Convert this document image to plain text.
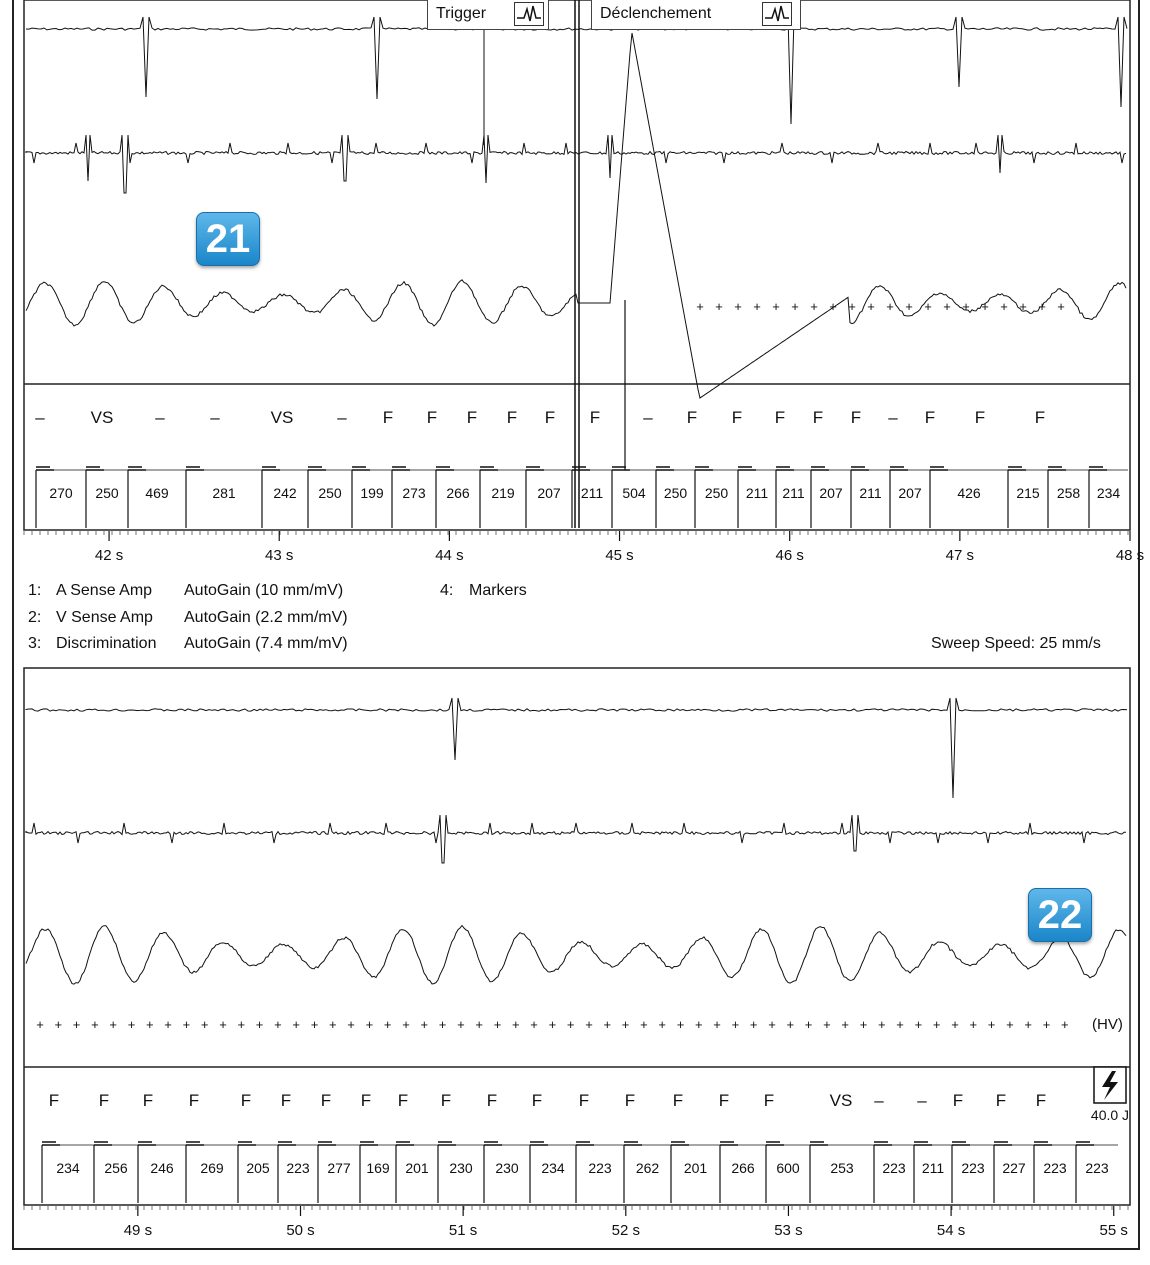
+ + + + + + + + + + + + + + + + + + + +
–	VS –	–	VS	– F F F F F F	– F F F F F – F F	F
270 250 469	281	242 250 199 273 266 219 207 211 504 250 250 211 211 207 211 207	426	215 258 234
42 s	43 s	44 s	45 s	46 s	47 s	48 s
+ + + + + + + + + + + + + + + + + + + + + + + + + + + + + + + + + + + + + + + + + + + + + + + + + + + + + + + + + (HV)
F F F F F F F F F F F F F F F F F	VS – – F F F
234 256 246 269 205 223 277 169 201 230 230 234 223 262 201 266 600 253 223 211 223 227 223 223
49 s	50 s	51 s	52 s	53 s	54 s	55 s
40.0 J
Trigger	Déclenchement
21
22
1: A Sense Amp AutoGain (10 mm/mV)	4: Markers
2: V Sense Amp AutoGain (2.2 mm/mV)
3: Discrimination AutoGain (7.4 mm/mV)	Sweep Speed: 25 mm/s
